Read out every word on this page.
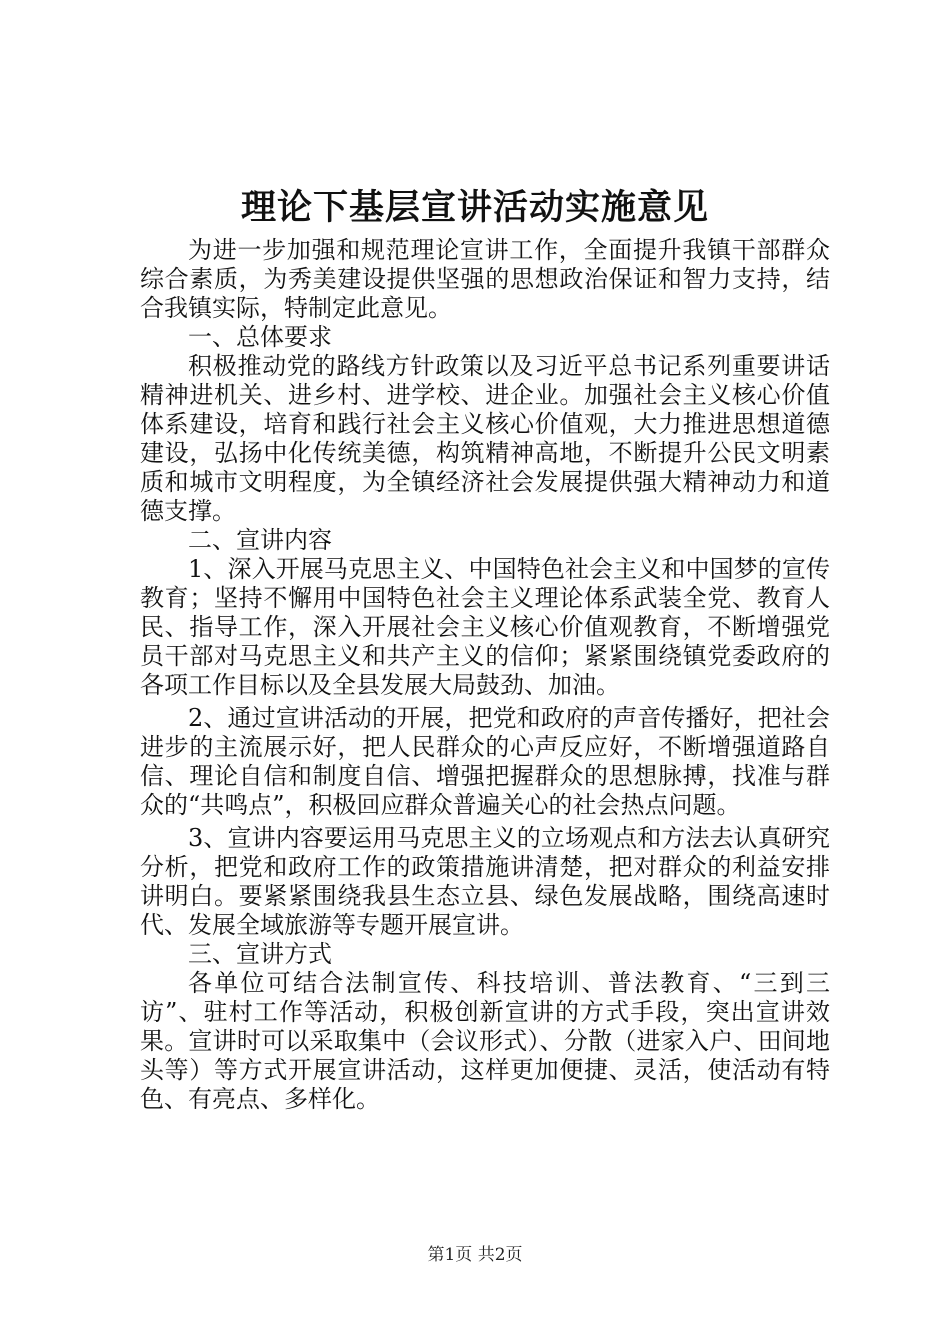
理论下基层宣讲活动实施意见

为进一步加强和规范理论宣讲工作，全面提升我镇干部群众综合素质，为秀美建设提供坚强的思想政治保证和智力支持，结合我镇实际，特制定此意见。

一、总体要求

积极推动党的路线方针政策以及习近平总书记系列重要讲话精神进机关、进乡村、进学校、进企业。加强社会主义核心价值体系建设，培育和践行社会主义核心价值观，大力推进思想道德建设，弘扬中化传统美德，构筑精神高地，不断提升公民文明素质和城市文明程度，为全镇经济社会发展提供强大精神动力和道德支撑。

二、宣讲内容

1、深入开展马克思主义、中国特色社会主义和中国梦的宣传教育；坚持不懈用中国特色社会主义理论体系武装全党、教育人民、指导工作，深入开展社会主义核心价值观教育，不断增强党员干部对马克思主义和共产主义的信仰；紧紧围绕镇党委政府的各项工作目标以及全县发展大局鼓劲、加油。

2、通过宣讲活动的开展，把党和政府的声音传播好，把社会进步的主流展示好，把人民群众的心声反应好，不断增强道路自信、理论自信和制度自信、增强把握群众的思想脉搏，找准与群众的“共鸣点”，积极回应群众普遍关心的社会热点问题。

3、宣讲内容要运用马克思主义的立场观点和方法去认真研究分析，把党和政府工作的政策措施讲清楚，把对群众的利益安排讲明白。要紧紧围绕我县生态立县、绿色发展战略，围绕高速时代、发展全域旅游等专题开展宣讲。

三、宣讲方式

各单位可结合法制宣传、科技培训、普法教育、“三到三访”、驻村工作等活动，积极创新宣讲的方式手段，突出宣讲效果。宣讲时可以采取集中（会议形式）、分散（进家入户、田间地头等）等方式开展宣讲活动，这样更加便捷、灵活，使活动有特色、有亮点、多样化。

第1页 共2页
